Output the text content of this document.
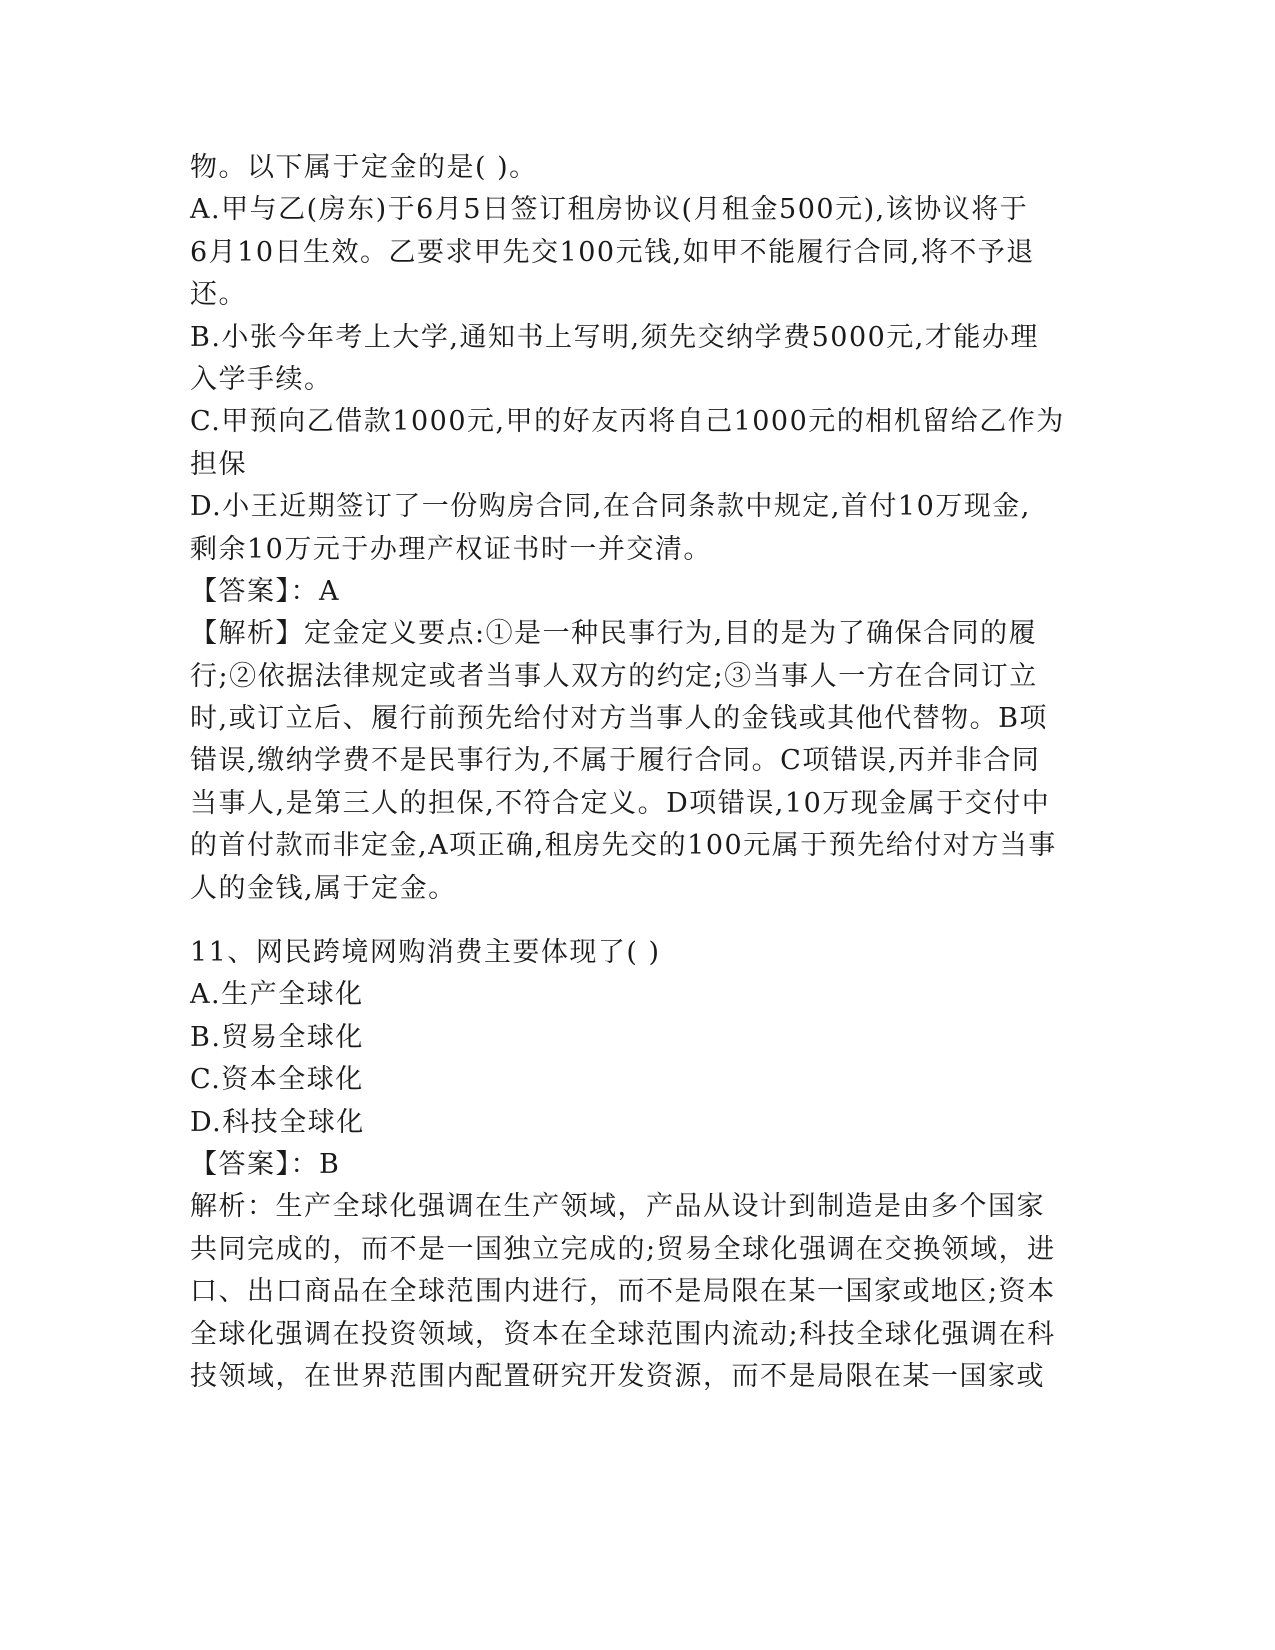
物。以下属于定金的是( )。
A.甲与乙(房东)于6月5日签订租房协议(月租金500元),该协议将于
6月10日生效。乙要求甲先交100元钱,如甲不能履行合同,将不予退
还。
B.小张今年考上大学,通知书上写明,须先交纳学费5000元,才能办理
入学手续。
C.甲预向乙借款1000元,甲的好友丙将自己1000元的相机留给乙作为
担保
D.小王近期签订了一份购房合同,在合同条款中规定,首付10万现金,
剩余10万元于办理产权证书时一并交清。
【答案】：A
【解析】定金定义要点:①是一种民事行为,目的是为了确保合同的履
行;②依据法律规定或者当事人双方的约定;③当事人一方在合同订立
时,或订立后、履行前预先给付对方当事人的金钱或其他代替物。B项
错误,缴纳学费不是民事行为,不属于履行合同。C项错误,丙并非合同
当事人,是第三人的担保,不符合定义。D项错误,10万现金属于交付中
的首付款而非定金,A项正确,租房先交的100元属于预先给付对方当事
人的金钱,属于定金。
11、网民跨境网购消费主要体现了( )
A.生产全球化
B.贸易全球化
C.资本全球化
D.科技全球化
【答案】：B
解析：生产全球化强调在生产领域，产品从设计到制造是由多个国家
共同完成的，而不是一国独立完成的;贸易全球化强调在交换领域，进
口、出口商品在全球范围内进行，而不是局限在某一国家或地区;资本
全球化强调在投资领域，资本在全球范围内流动;科技全球化强调在科
技领域，在世界范围内配置研究开发资源，而不是局限在某一国家或
